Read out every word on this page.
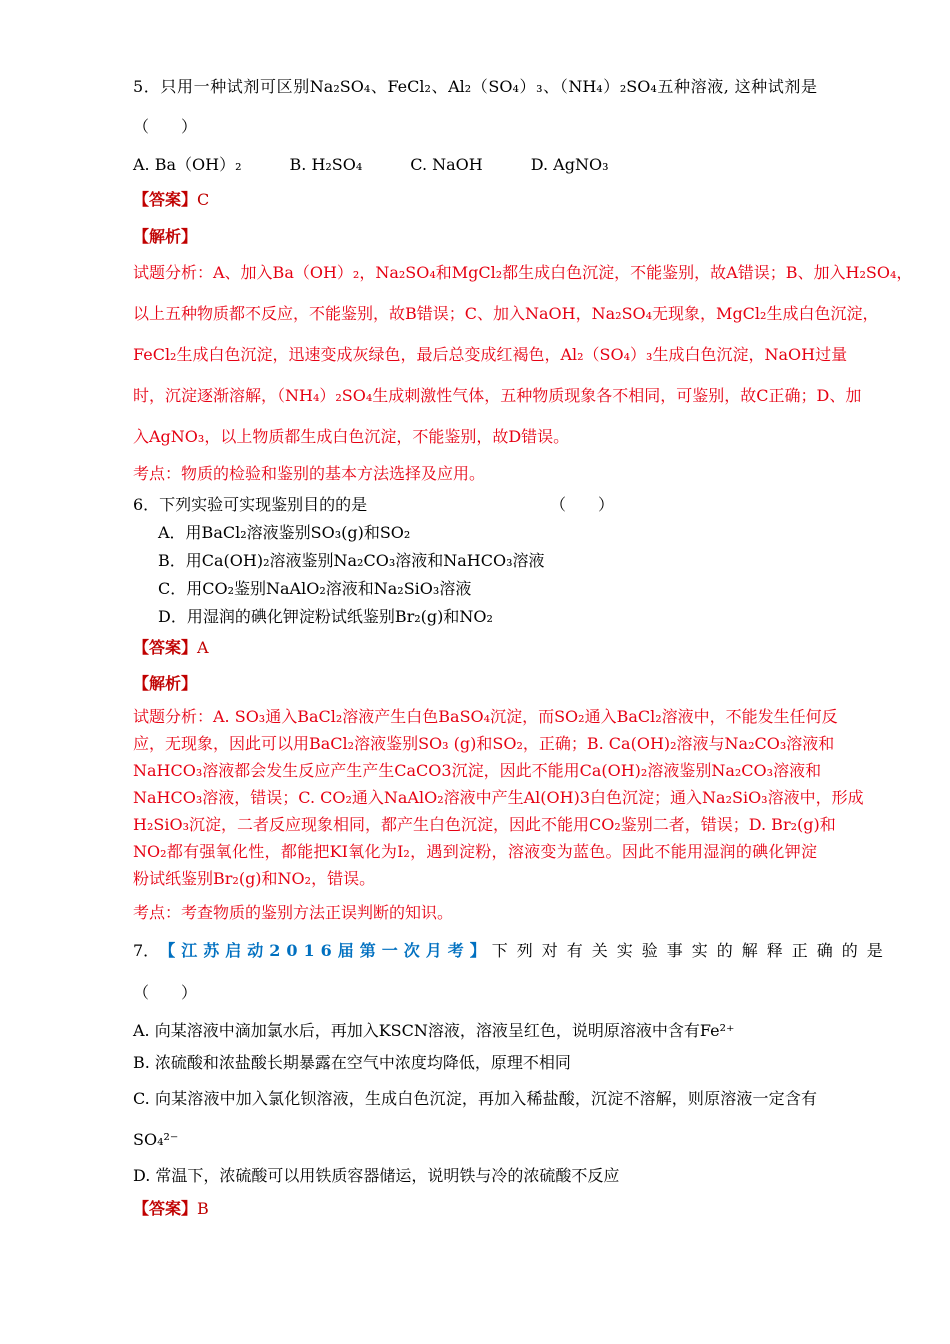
5．只用一种试剂可区别Na₂SO₄、FeCl₂、Al₂（SO₄）₃、（NH₄）₂SO₄五种溶液, 这种试剂是
（　　）
A. Ba（OH）₂　　　B. H₂SO₄　　　C. NaOH　　　D. AgNO₃
【答案】C
【解析】
试题分析：A、加入Ba（OH）₂，Na₂SO₄和MgCl₂都生成白色沉淀，不能鉴别，故A错误；B、加入H₂SO₄，
以上五种物质都不反应，不能鉴别，故B错误；C、加入NaOH，Na₂SO₄无现象，MgCl₂生成白色沉淀，
FeCl₂生成白色沉淀，迅速变成灰绿色，最后总变成红褐色，Al₂（SO₄）₃生成白色沉淀，NaOH过量
时，沉淀逐渐溶解，（NH₄）₂SO₄生成刺激性气体，五种物质现象各不相同，可鉴别，故C正确；D、加
入AgNO₃，以上物质都生成白色沉淀，不能鉴别，故D错误。
考点：物质的检验和鉴别的基本方法选择及应用。
6．下列实验可实现鉴别目的的是	（　　）
A．用BaCl₂溶液鉴别SO₃(g)和SO₂
B．用Ca(OH)₂溶液鉴别Na₂CO₃溶液和NaHCO₃溶液
C．用CO₂鉴别NaAlO₂溶液和Na₂SiO₃溶液
D．用湿润的碘化钾淀粉试纸鉴别Br₂(g)和NO₂
【答案】A
【解析】
试题分析：A. SO₃通入BaCl₂溶液产生白色BaSO₄沉淀，而SO₂通入BaCl₂溶液中，不能发生任何反
应，无现象，因此可以用BaCl₂溶液鉴别SO₃ (g)和SO₂，正确；B. Ca(OH)₂溶液与Na₂CO₃溶液和
NaHCO₃溶液都会发生反应产生产生CaCO3沉淀，因此不能用Ca(OH)₂溶液鉴别Na₂CO₃溶液和
NaHCO₃溶液，错误；C. CO₂通入NaAlO₂溶液中产生Al(OH)3白色沉淀；通入Na₂SiO₃溶液中，形成
H₂SiO₃沉淀，二者反应现象相同，都产生白色沉淀，因此不能用CO₂鉴别二者，错误；D. Br₂(g)和
NO₂都有强氧化性，都能把KI氧化为I₂，遇到淀粉，溶液变为蓝色。因此不能用湿润的碘化钾淀
粉试纸鉴别Br₂(g)和NO₂，错误。
考点：考查物质的鉴别方法正误判断的知识。
7． 【江苏启动2016届第一次月考】 下列对有关实验事实的解释正确的是
（　　）
A. 向某溶液中滴加氯水后，再加入KSCN溶液，溶液呈红色，说明原溶液中含有Fe²⁺
B. 浓硫酸和浓盐酸长期暴露在空气中浓度均降低，原理不相同
C. 向某溶液中加入氯化钡溶液，生成白色沉淀，再加入稀盐酸，沉淀不溶解，则原溶液一定含有
SO₄²⁻
D. 常温下，浓硫酸可以用铁质容器储运，说明铁与冷的浓硫酸不反应
【答案】B
